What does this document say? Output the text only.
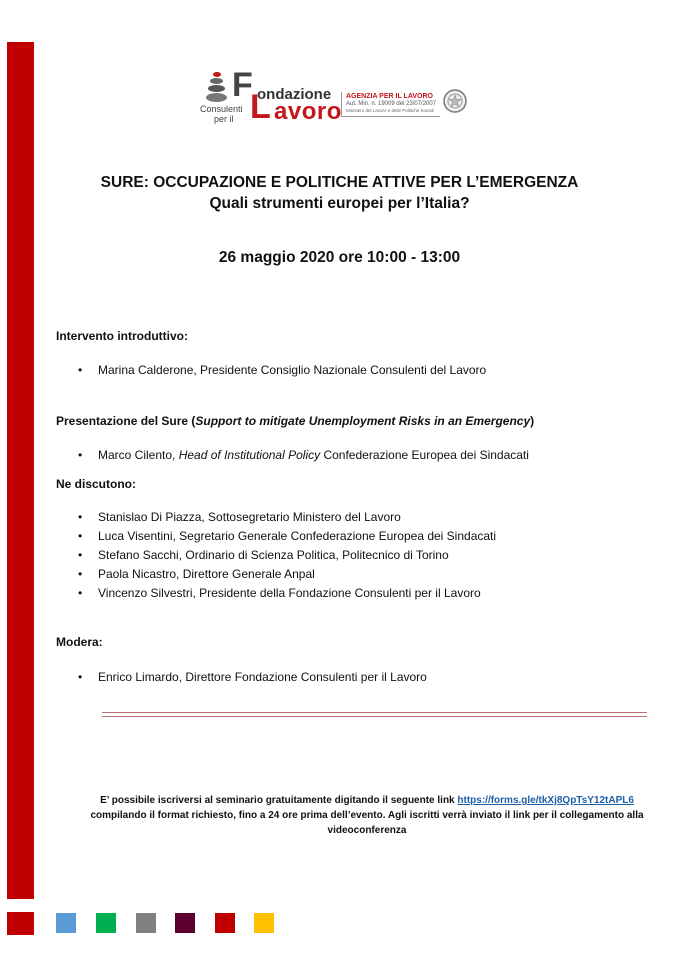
F ondazione
L avoro
Consulenti
per il
AGENZIA PER IL LAVORO
Aut. Min. n. 19009 del 23/07/2007
Ministero del Lavoro e delle Politiche Sociali
SURE: OCCUPAZIONE E POLITICHE ATTIVE PER L’EMERGENZA
Quali strumenti europei per l’Italia?
26 maggio 2020 ore 10:00 - 13:00
Intervento introduttivo:
•Marina Calderone, Presidente Consiglio Nazionale Consulenti del Lavoro
Presentazione del Sure (Support to mitigate Unemployment Risks in an Emergency)
•Marco Cilento, Head of Institutional Policy Confederazione Europea dei Sindacati
Ne discutono:
•Stanislao Di Piazza, Sottosegretario Ministero del Lavoro
•Luca Visentini, Segretario Generale Confederazione Europea dei Sindacati
•Stefano Sacchi, Ordinario di Scienza Politica, Politecnico di Torino
•Paola Nicastro, Direttore Generale Anpal
•Vincenzo Silvestri, Presidente della Fondazione Consulenti per il Lavoro
Modera:
•Enrico Limardo, Direttore Fondazione Consulenti per il Lavoro
E’ possibile iscriversi al seminario gratuitamente digitando il seguente link https://forms.gle/tkXj8QpTsY12tAPL6
compilando il format richiesto, fino a 24 ore prima dell’evento. Agli iscritti verrà inviato il link per il collegamento alla videoconferenza
